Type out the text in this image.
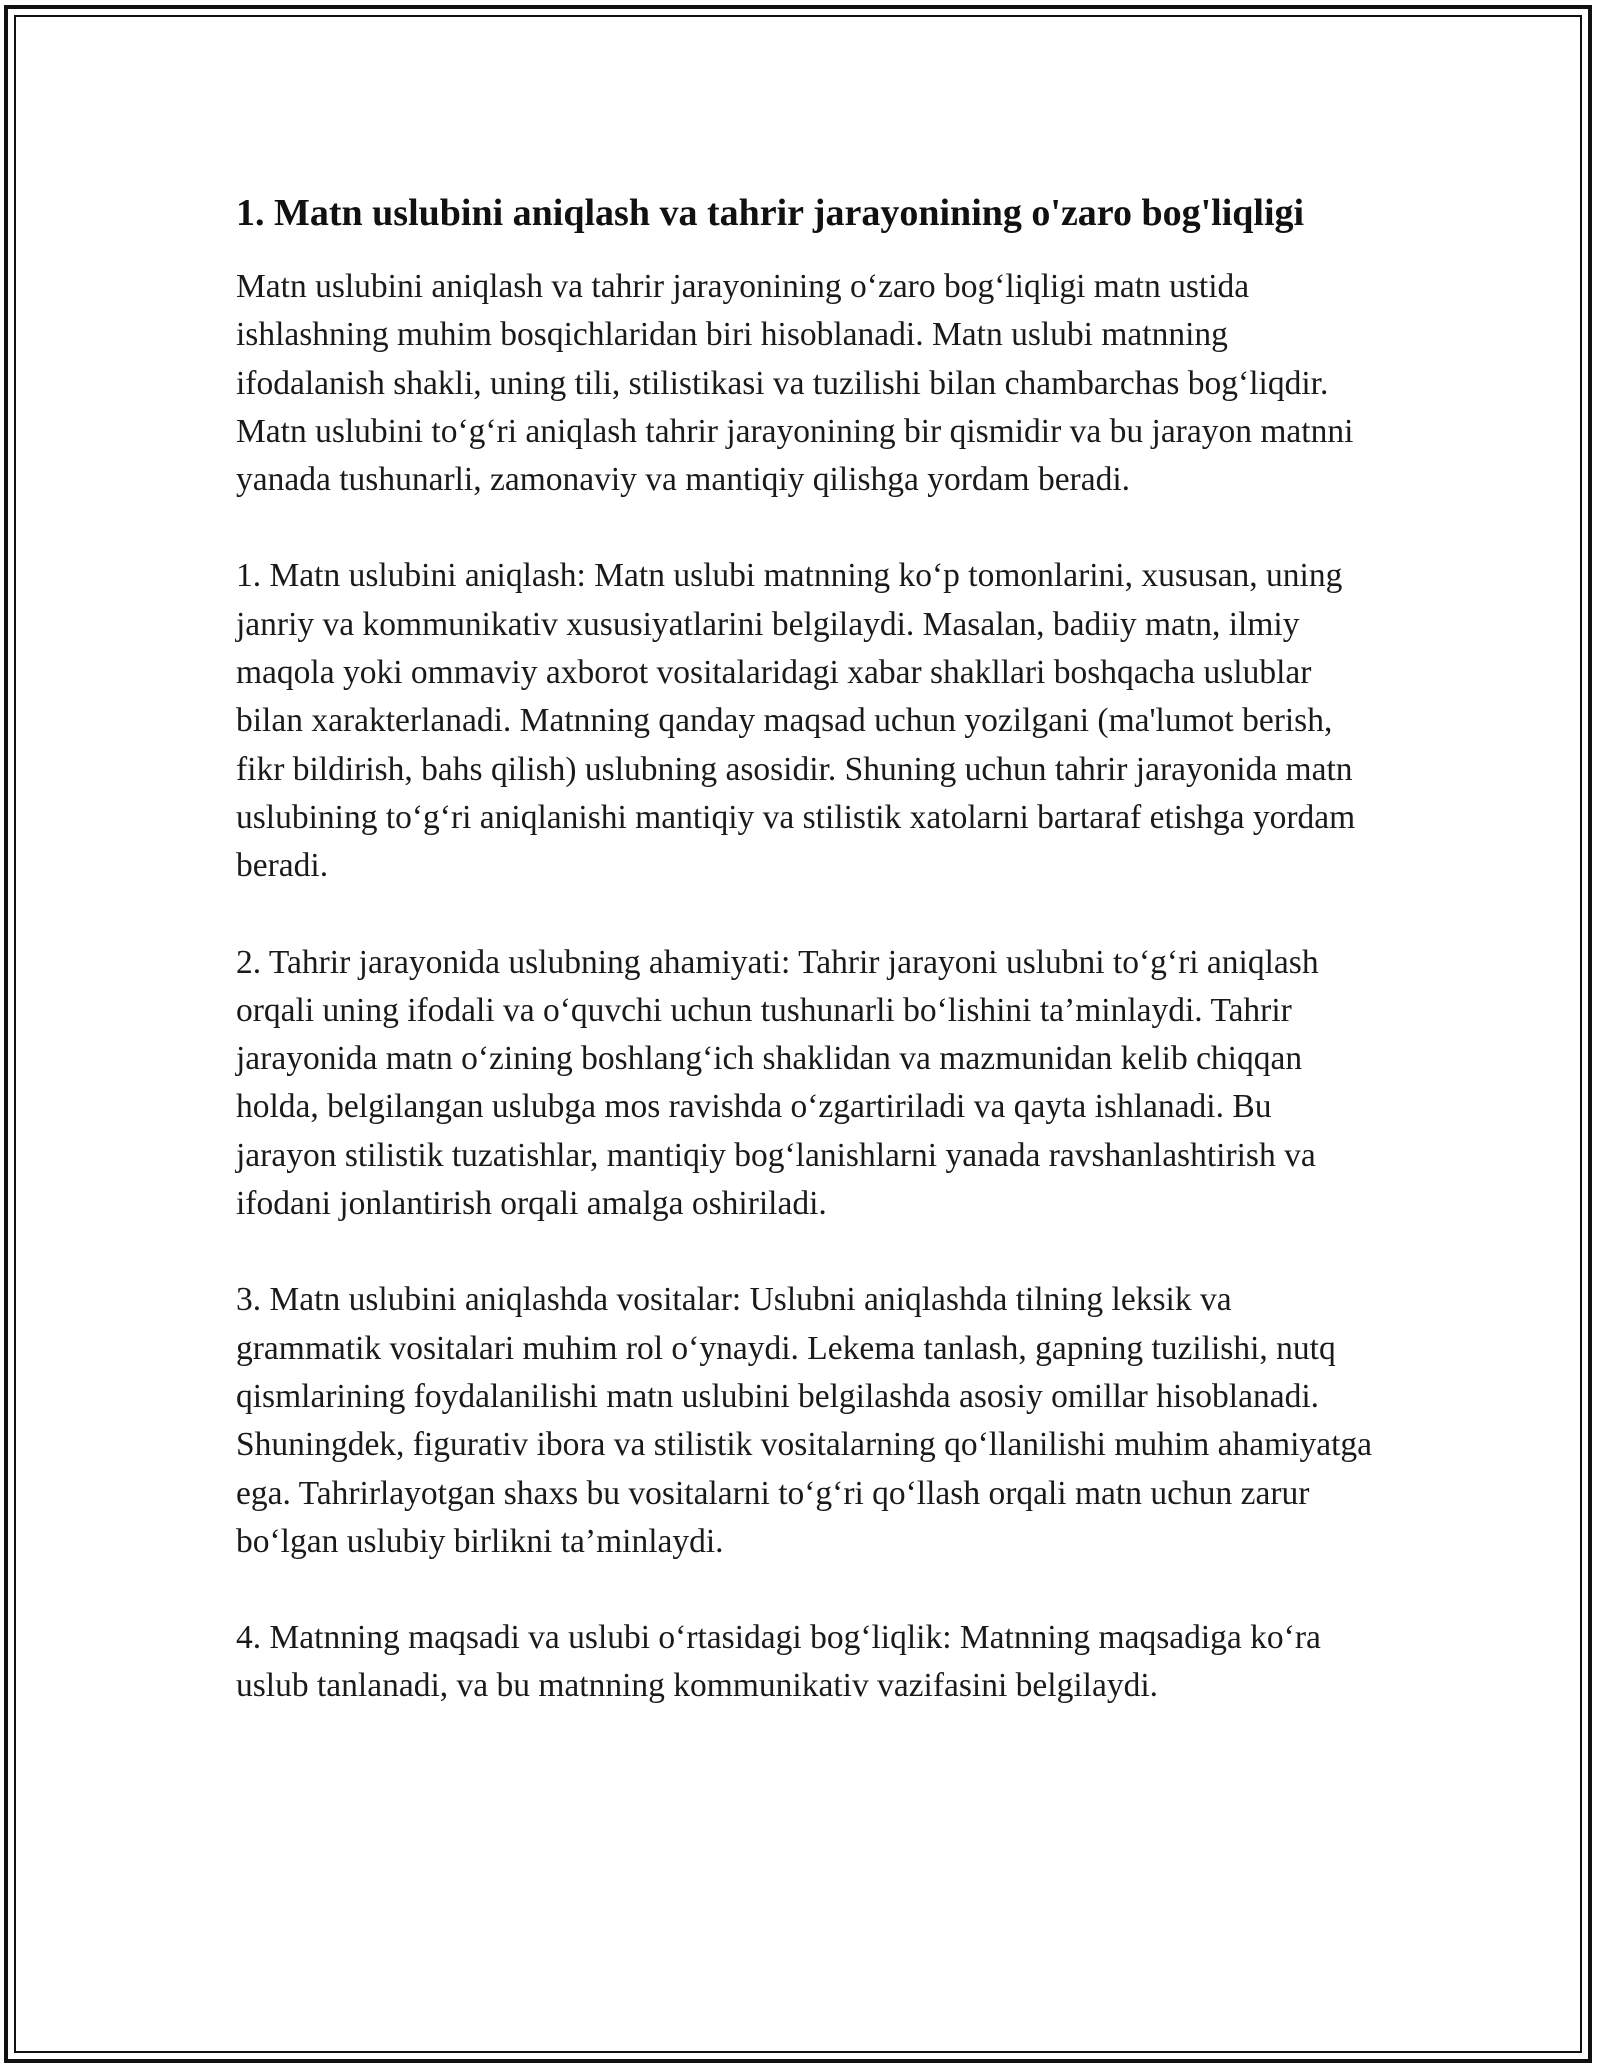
1. Matn uslubini aniqlash va tahrir jarayonining o'zaro bog'liqligi

Matn uslubini aniqlash va tahrir jarayonining o‘zaro bog‘liqligi matn ustida ishlashning muhim bosqichlaridan biri hisoblanadi. Matn uslubi matnning ifodalanish shakli, uning tili, stilistikasi va tuzilishi bilan chambarchas bog‘liqdir. Matn uslubini to‘g‘ri aniqlash tahrir jarayonining bir qismidir va bu jarayon matnni yanada tushunarli, zamonaviy va mantiqiy qilishga yordam beradi.

1. Matn uslubini aniqlash: Matn uslubi matnning ko‘p tomonlarini, xususan, uning janriy va kommunikativ xususiyatlarini belgilaydi. Masalan, badiiy matn, ilmiy maqola yoki ommaviy axborot vositalaridagi xabar shakllari boshqacha uslublar bilan xarakterlanadi. Matnning qanday maqsad uchun yozilgani (ma'lumot berish, fikr bildirish, bahs qilish) uslubning asosidir. Shuning uchun tahrir jarayonida matn uslubining to‘g‘ri aniqlanishi mantiqiy va stilistik xatolarni bartaraf etishga yordam beradi.

2. Tahrir jarayonida uslubning ahamiyati: Tahrir jarayoni uslubni to‘g‘ri aniqlash orqali uning ifodali va o‘quvchi uchun tushunarli bo‘lishini ta’minlaydi. Tahrir jarayonida matn o‘zining boshlang‘ich shaklidan va mazmunidan kelib chiqqan holda, belgilangan uslubga mos ravishda o‘zgartiriladi va qayta ishlanadi. Bu jarayon stilistik tuzatishlar, mantiqiy bog‘lanishlarni yanada ravshanlashtirish va ifodani jonlantirish orqali amalga oshiriladi.

3. Matn uslubini aniqlashda vositalar: Uslubni aniqlashda tilning leksik va grammatik vositalari muhim rol o‘ynaydi. Lekema tanlash, gapning tuzilishi, nutq qismlarining foydalanilishi matn uslubini belgilashda asosiy omillar hisoblanadi. Shuningdek, figurativ ibora va stilistik vositalarning qo‘llanilishi muhim ahamiyatga ega. Tahrirlayotgan shaxs bu vositalarni to‘g‘ri qo‘llash orqali matn uchun zarur bo‘lgan uslubiy birlikni ta’minlaydi.

4. Matnning maqsadi va uslubi o‘rtasidagi bog‘liqlik: Matnning maqsadiga ko‘ra uslub tanlanadi, va bu matnning kommunikativ vazifasini belgilaydi.
